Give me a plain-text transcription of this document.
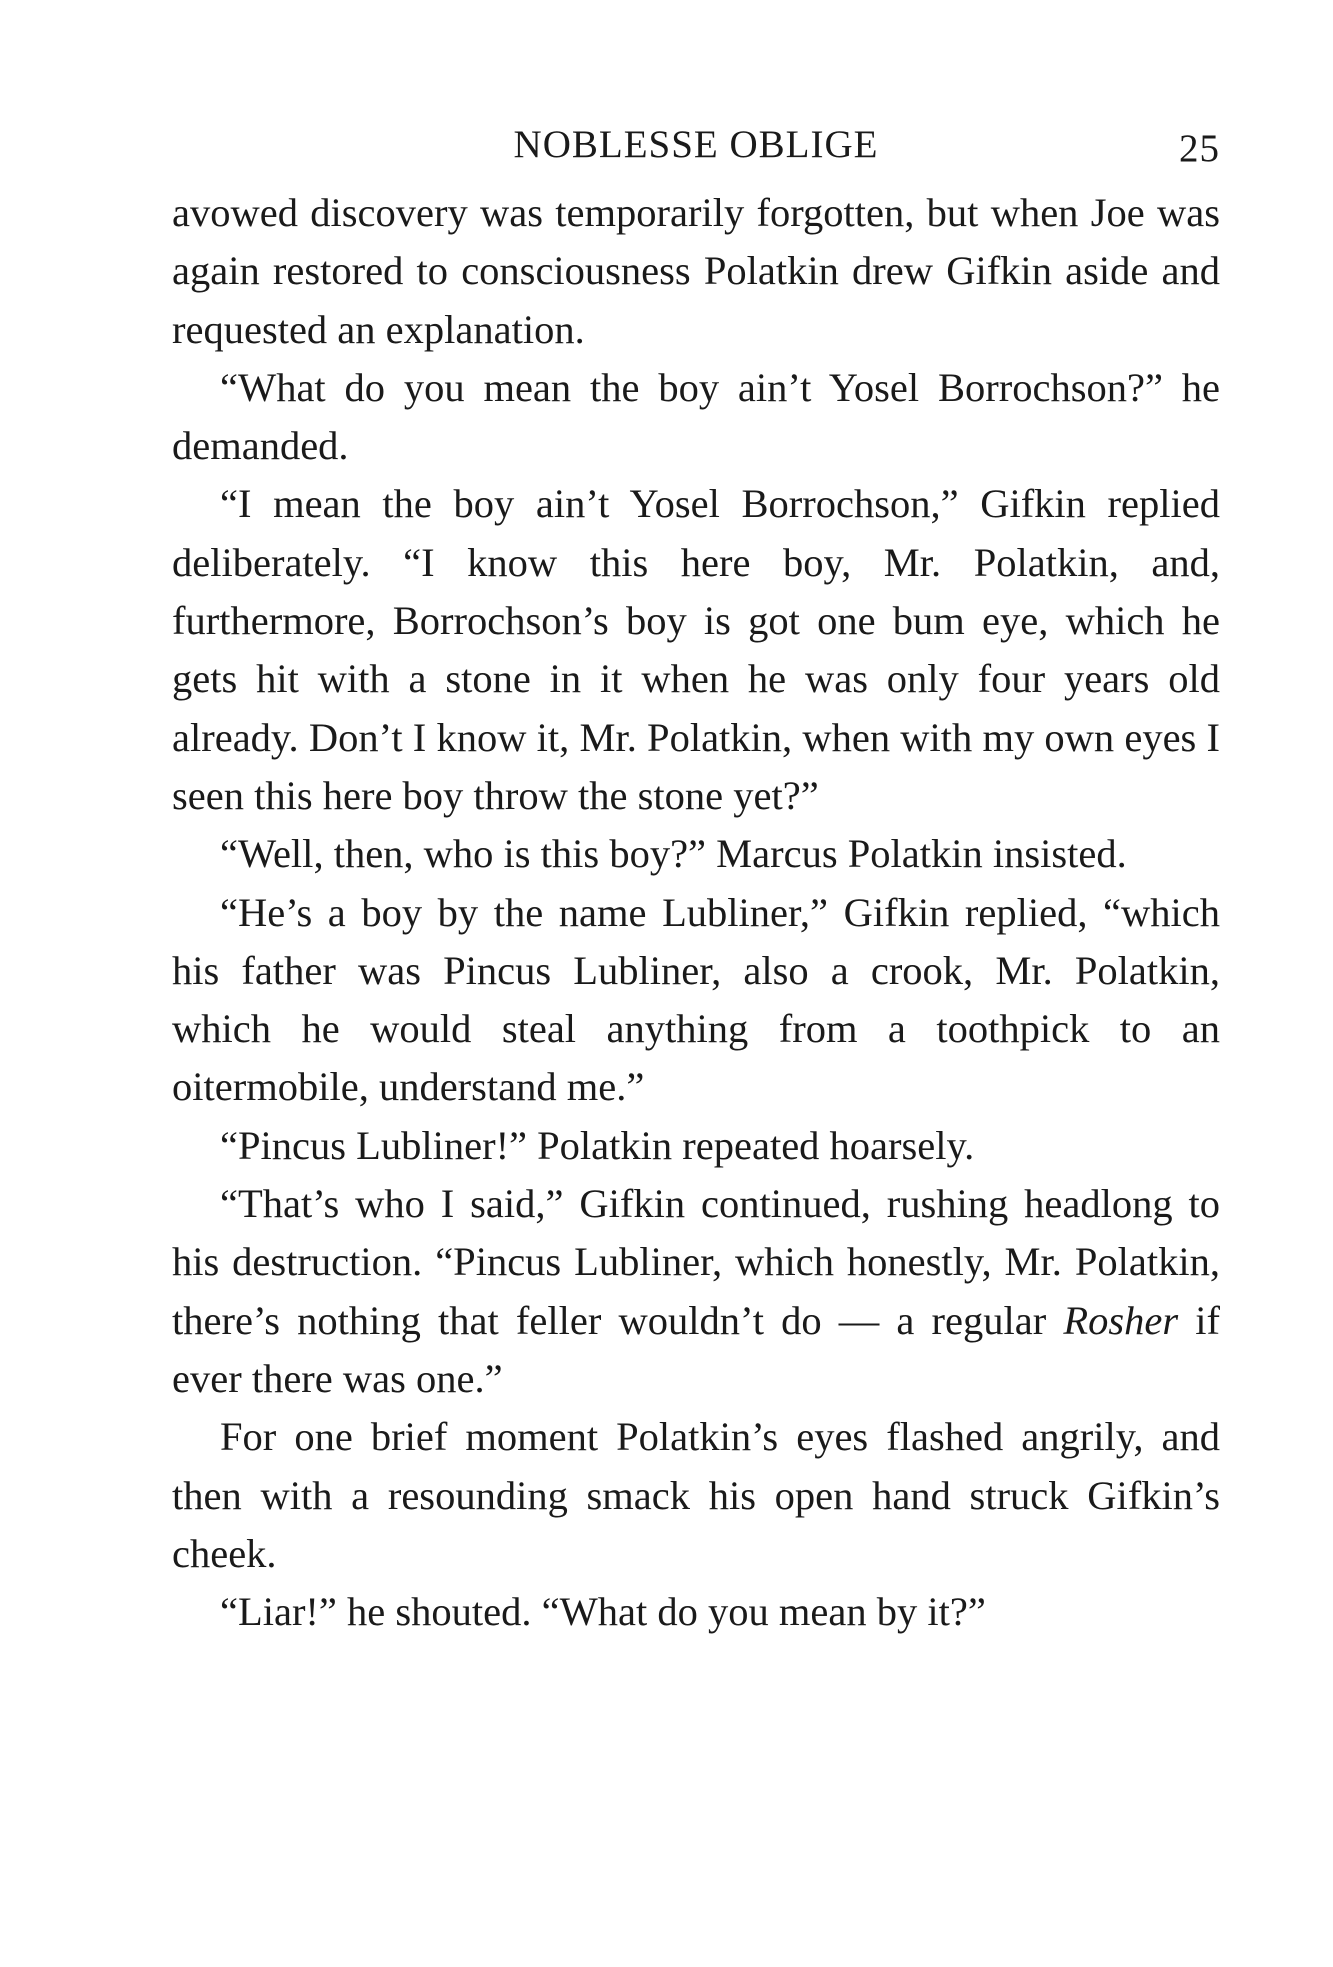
NOBLESSE OBLIGE	25

avowed discovery was temporarily forgotten, but when Joe was again restored to consciousness Polatkin drew Gifkin aside and requested an explanation.

“What do you mean the boy ain’t Yosel Borrochson?” he demanded.

“I mean the boy ain’t Yosel Borrochson,” Gifkin replied deliberately. “I know this here boy, Mr. Polatkin, and, furthermore, Borrochson’s boy is got one bum eye, which he gets hit with a stone in it when he was only four years old already. Don’t I know it, Mr. Polatkin, when with my own eyes I seen this here boy throw the stone yet?”

“Well, then, who is this boy?” Marcus Polatkin insisted.

“He’s a boy by the name Lubliner,” Gifkin replied, “which his father was Pincus Lubliner, also a crook, Mr. Polatkin, which he would steal anything from a toothpick to an oitermobile, understand me.”

“Pincus Lubliner!” Polatkin repeated hoarsely.

“That’s who I said,” Gifkin continued, rushing headlong to his destruction. “Pincus Lubliner, which honestly, Mr. Polatkin, there’s nothing that feller wouldn’t do — a regular Rosher if ever there was one.”

For one brief moment Polatkin’s eyes flashed angrily, and then with a resounding smack his open hand struck Gifkin’s cheek.

“Liar!” he shouted. “What do you mean by it?”
